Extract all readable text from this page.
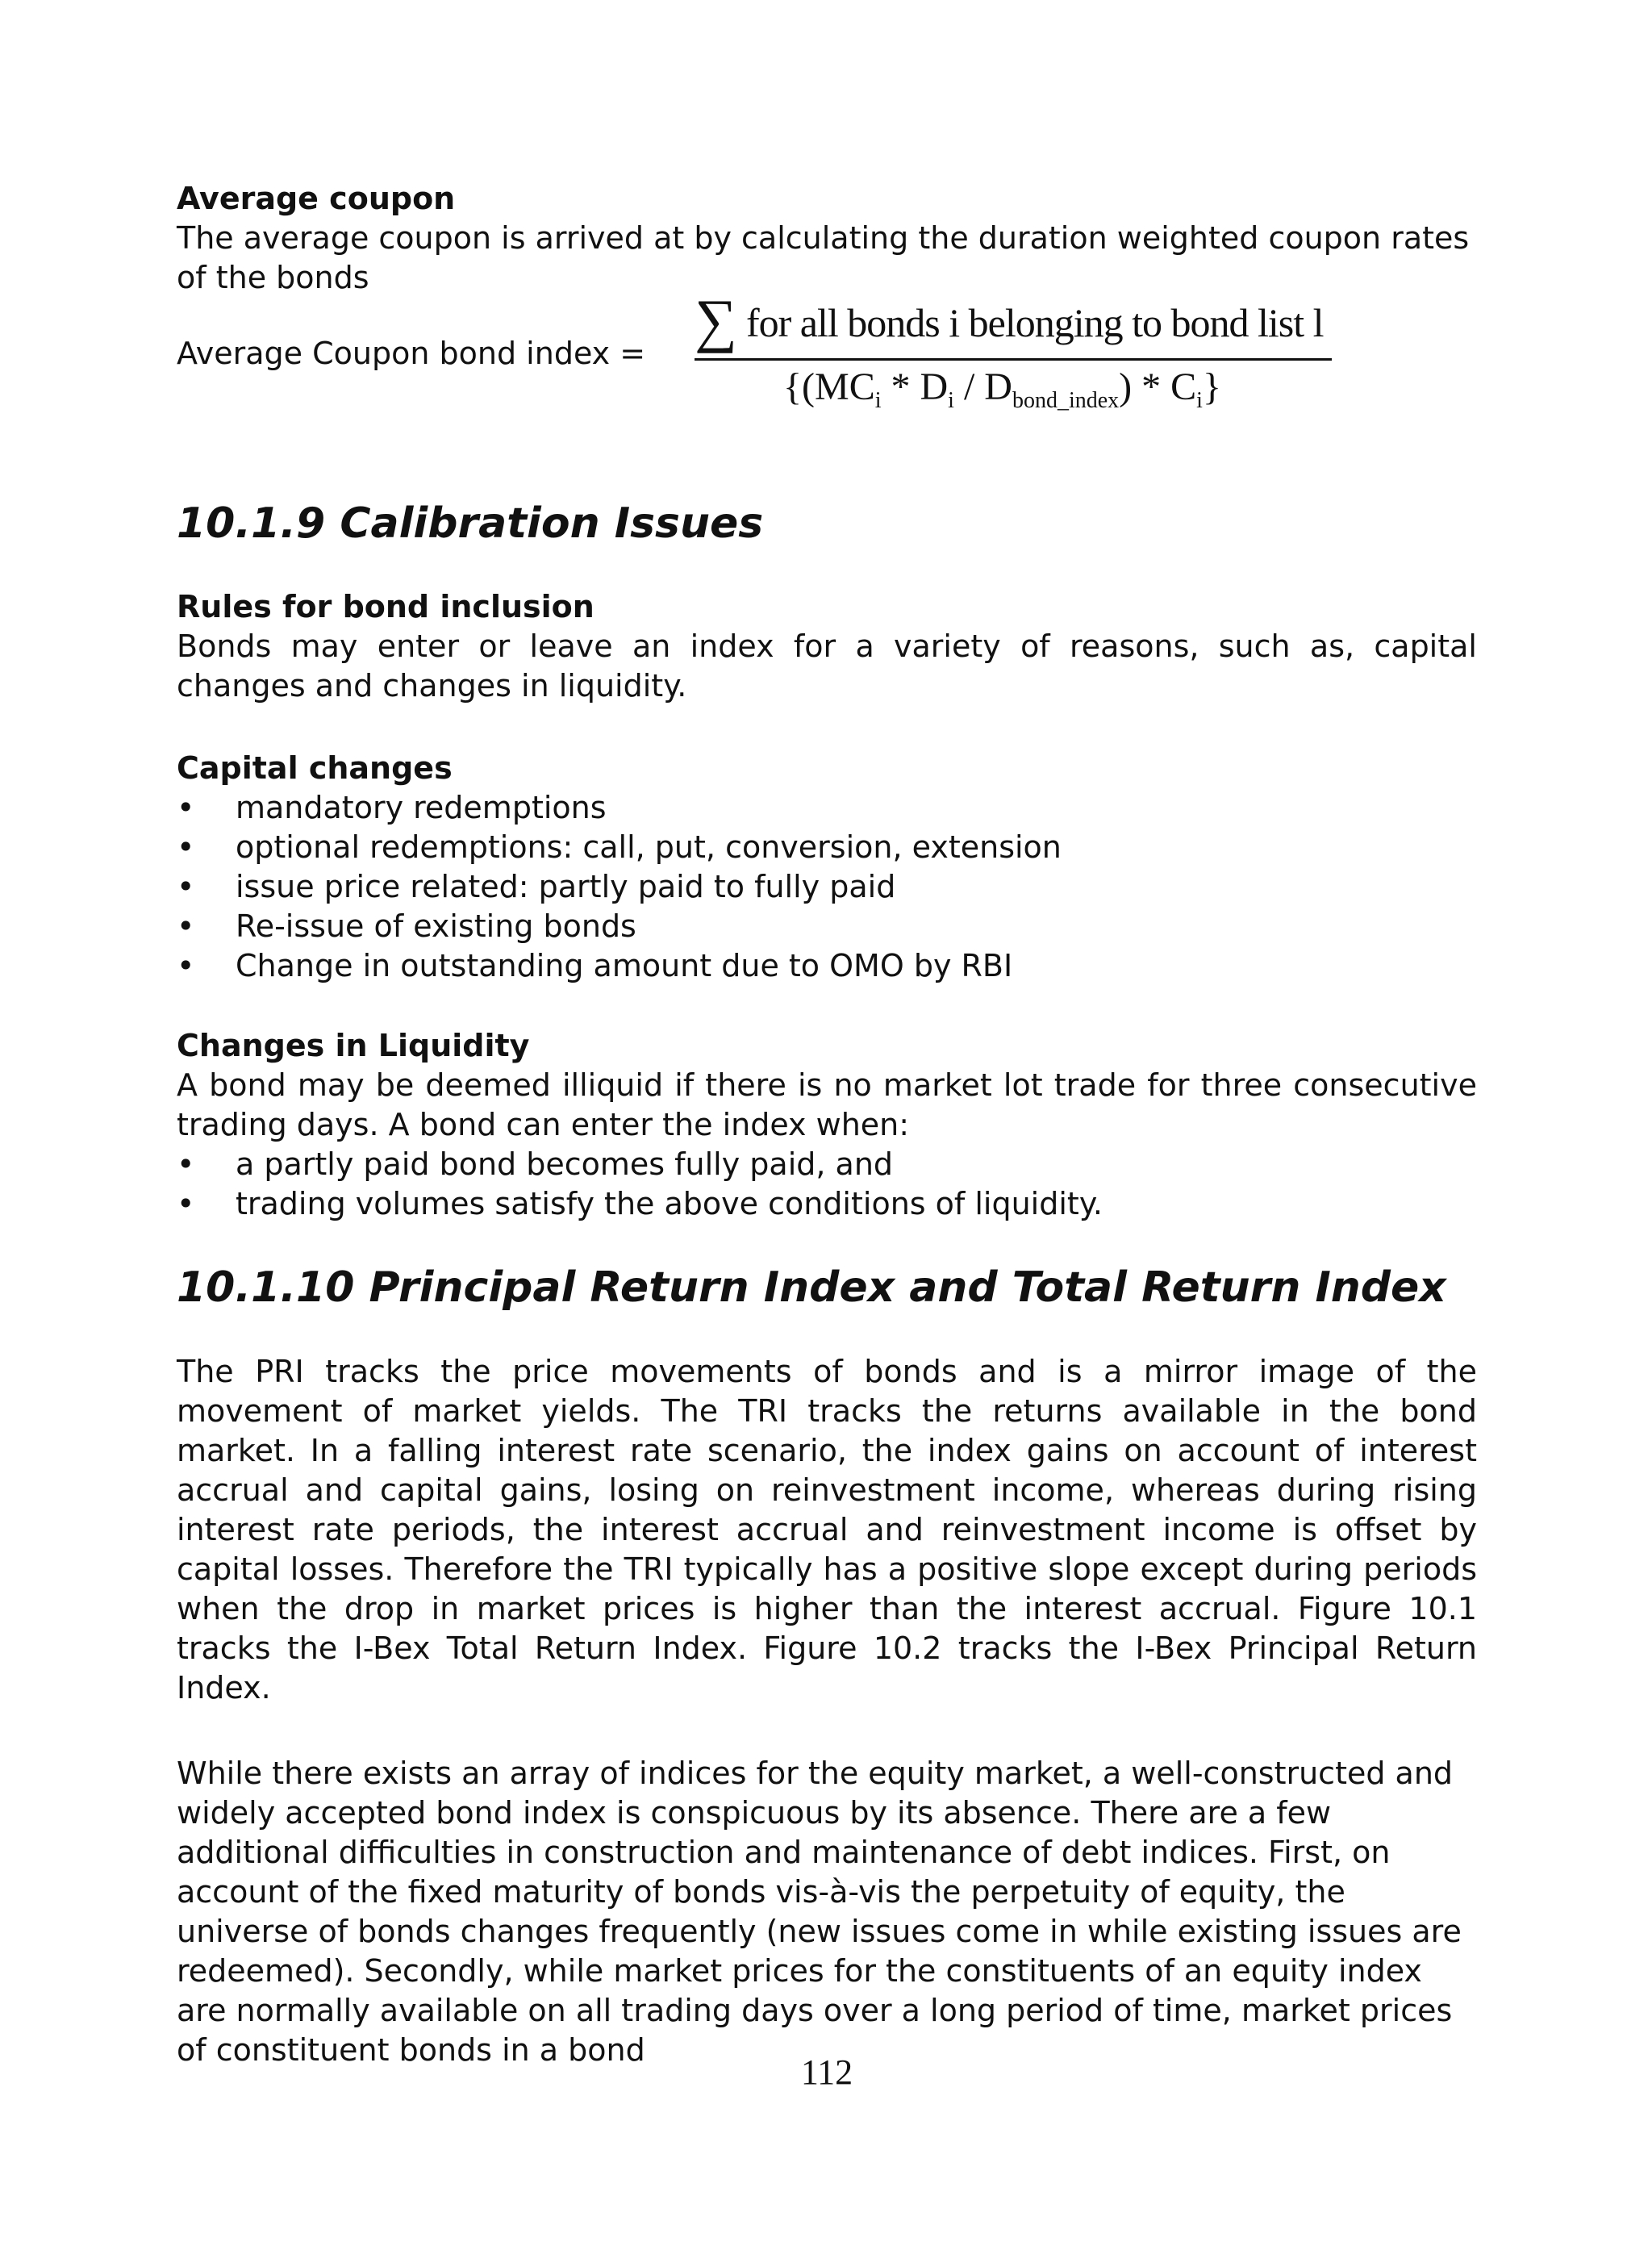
Average coupon

The average coupon is arrived at by calculating the duration weighted coupon rates of the bonds

Average Coupon bond index = ∑ for all bonds i belonging to bond list l
$\{(MC_i * D_i / D_{bond\_index}) * C_i\}$
10.1.9 Calibration Issues

Rules for bond inclusion

Bonds may enter or leave an index for a variety of reasons, such as, capital changes and changes in liquidity.

Capital changes

• mandatory redemptions
• optional redemptions: call, put, conversion, extension
• issue price related: partly paid to fully paid
• Re-issue of existing bonds
• Change in outstanding amount due to OMO by RBI

Changes in Liquidity

A bond may be deemed illiquid if there is no market lot trade for three consecutive trading days. A bond can enter the index when:

• a partly paid bond becomes fully paid, and
• trading volumes satisfy the above conditions of liquidity.
10.1.10 Principal Return Index and Total Return Index

The PRI tracks the price movements of bonds and is a mirror image of the movement of market yields. The TRI tracks the returns available in the bond market. In a falling interest rate scenario, the index gains on account of interest accrual and capital gains, losing on reinvestment income, whereas during rising interest rate periods, the interest accrual and reinvestment income is offset by capital losses. Therefore the TRI typically has a positive slope except during periods when the drop in market prices is higher than the interest accrual. Figure 10.1 tracks the I-Bex Total Return Index. Figure 10.2 tracks the I-Bex Principal Return Index.

While there exists an array of indices for the equity market, a well-constructed and widely accepted bond index is conspicuous by its absence. There are a few additional difficulties in construction and maintenance of debt indices. First, on account of the fixed maturity of bonds vis-à-vis the perpetuity of equity, the universe of bonds changes frequently (new issues come in while existing issues are redeemed). Secondly, while market prices for the constituents of an equity index are normally available on all trading days over a long period of time, market prices of constituent bonds in a bond

112
